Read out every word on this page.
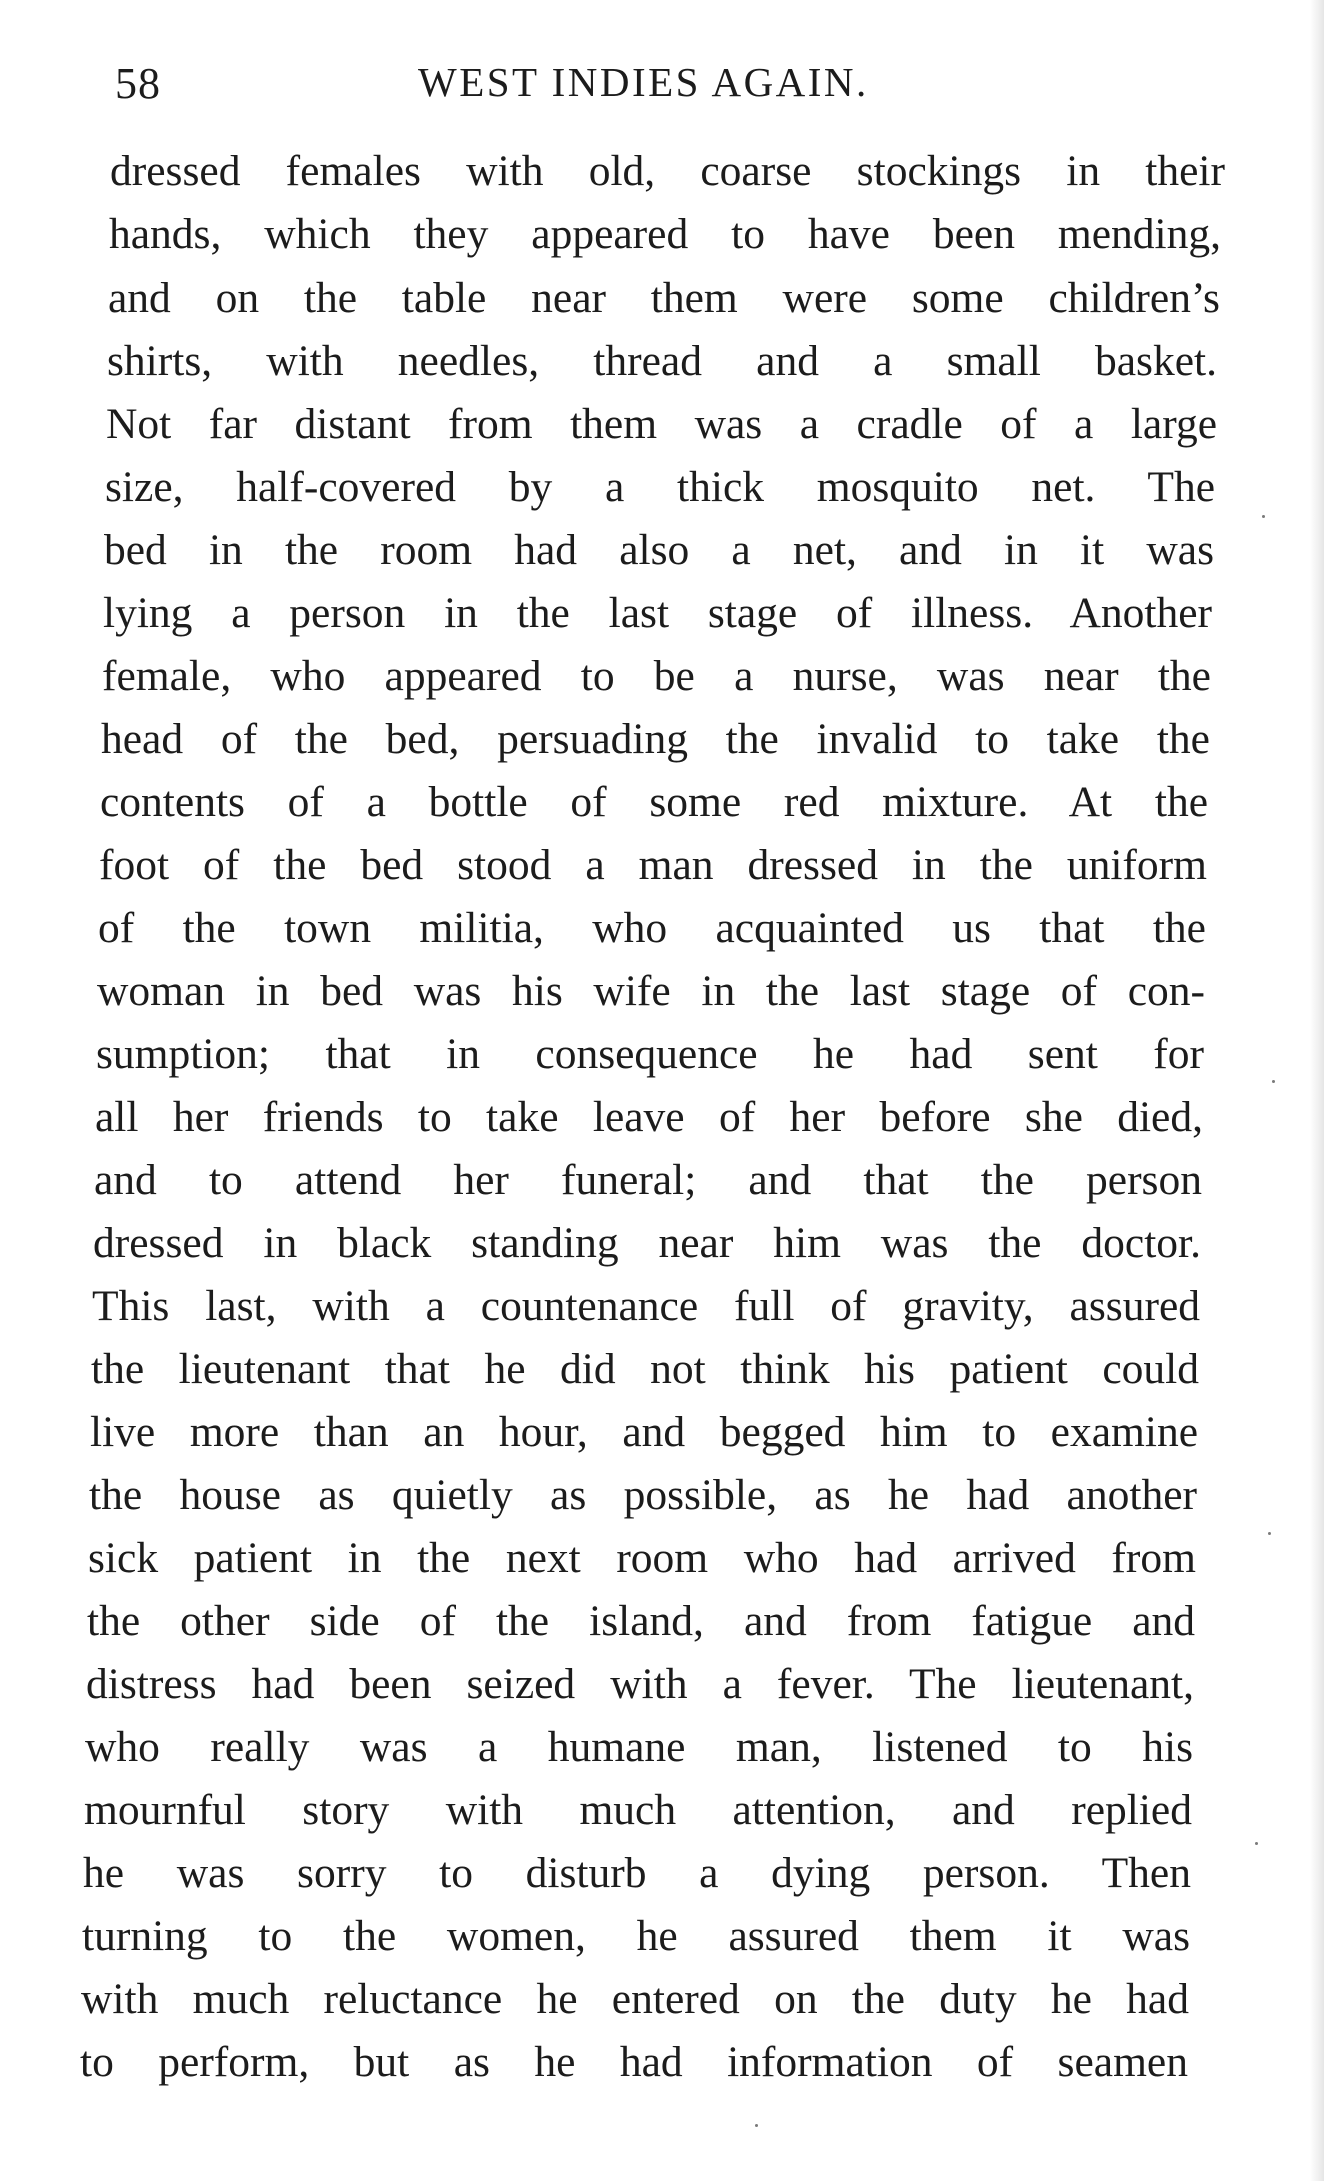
58	WEST INDIES AGAIN.
dressed females with old, coarse stockings in their
hands, which they appeared to have been mending,
and on the table near them were some children’s
shirts, with needles, thread and a small basket.
Not far distant from them was a cradle of a large
size, half-covered by a thick mosquito net. The
bed in the room had also a net, and in it was
lying a person in the last stage of illness. Another
female, who appeared to be a nurse, was near the
head of the bed, persuading the invalid to take the
contents of a bottle of some red mixture. At the
foot of the bed stood a man dressed in the uniform
of the town militia, who acquainted us that the
woman in bed was his wife in the last stage of con-
sumption; that in consequence he had sent for
all her friends to take leave of her before she died,
and to attend her funeral; and that the person
dressed in black standing near him was the doctor.
This last, with a countenance full of gravity, assured
the lieutenant that he did not think his patient could
live more than an hour, and begged him to examine
the house as quietly as possible, as he had another
sick patient in the next room who had arrived from
the other side of the island, and from fatigue and
distress had been seized with a fever. The lieutenant,
who really was a humane man, listened to his
mournful story with much attention, and replied
he was sorry to disturb a dying person. Then
turning to the women, he assured them it was
with much reluctance he entered on the duty he had
to perform, but as he had information of seamen
